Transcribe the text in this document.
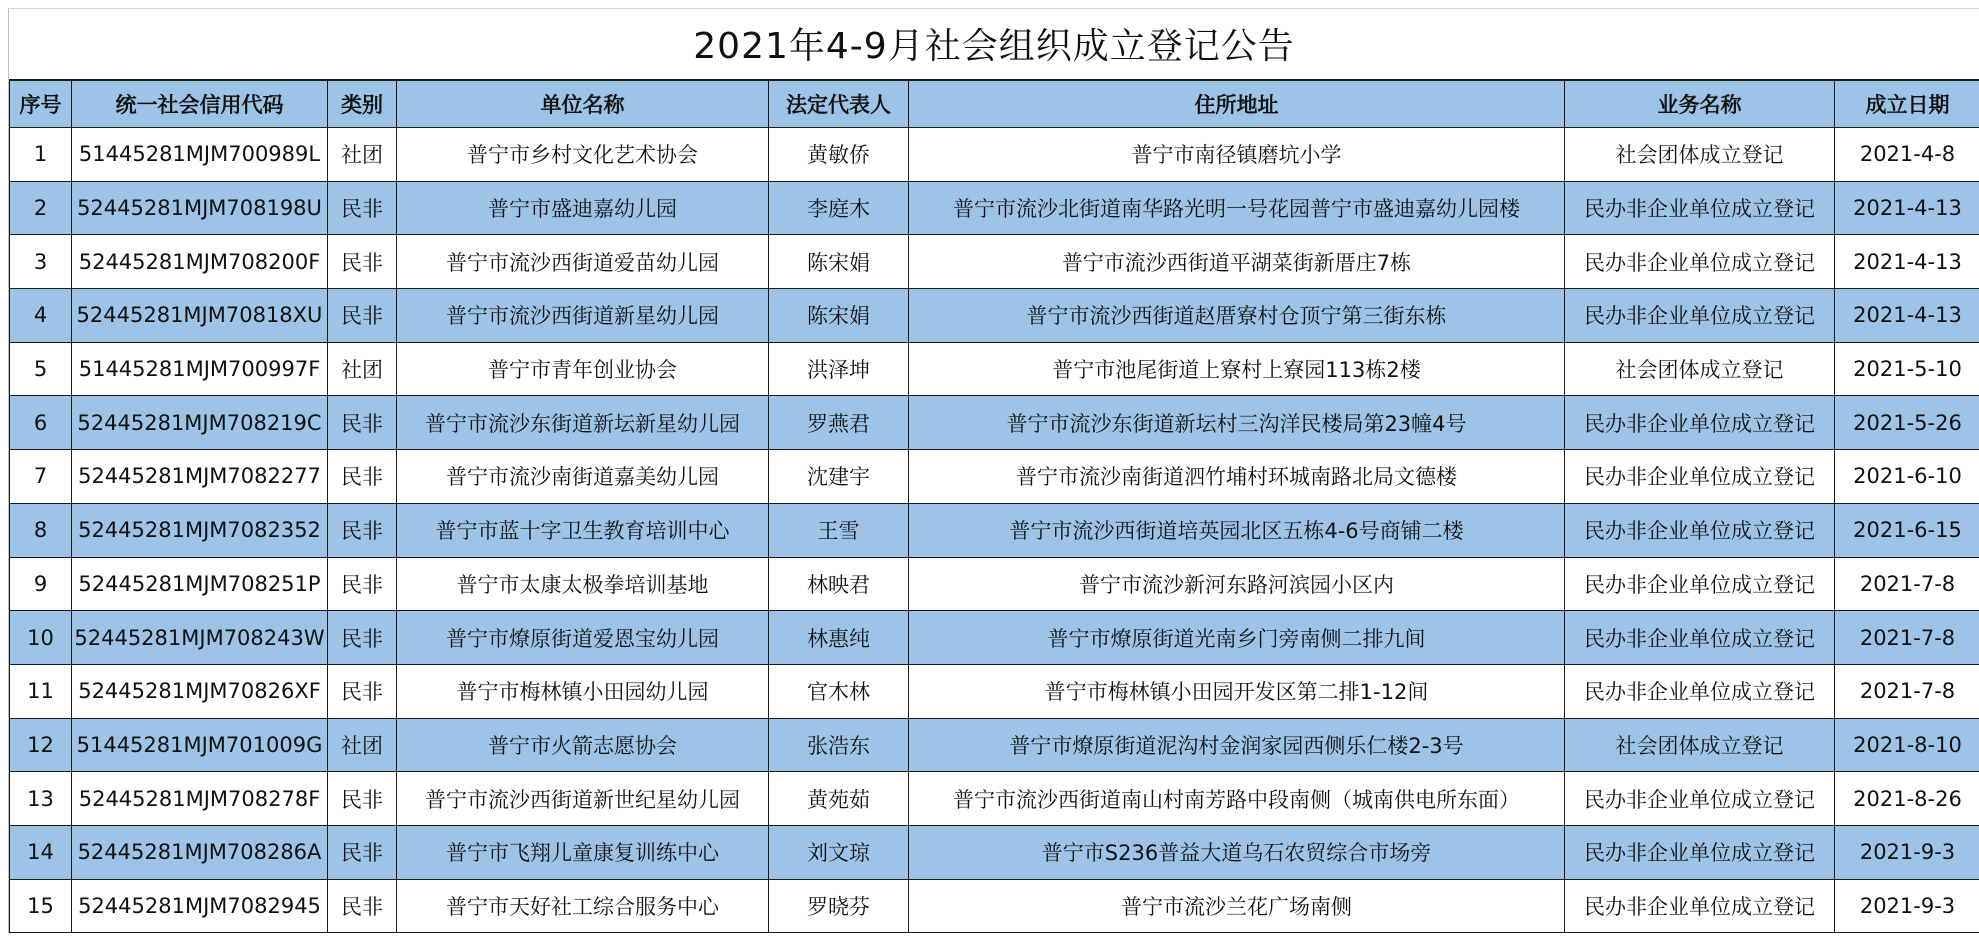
2021年4-9月社会组织成立登记公告
序号	统一社会信用代码	类别	单位名称	法定代表人	住所地址	业务名称	成立日期
1	51445281MJM700989L	社团	普宁市乡村文化艺术协会	黄敏侨	普宁市南径镇磨坑小学	社会团体成立登记	2021-4-8
2	52445281MJM708198U	民非	普宁市盛迪嘉幼儿园	李庭木	普宁市流沙北街道南华路光明一号花园普宁市盛迪嘉幼儿园楼	民办非企业单位成立登记	2021-4-13
3	52445281MJM708200F	民非	普宁市流沙西街道爱苗幼儿园	陈宋娟	普宁市流沙西街道平湖菜街新厝庄7栋	民办非企业单位成立登记	2021-4-13
4	52445281MJM70818XU	民非	普宁市流沙西街道新星幼儿园	陈宋娟	普宁市流沙西街道赵厝寮村仓顶宁第三街东栋	民办非企业单位成立登记	2021-4-13
5	51445281MJM700997F	社团	普宁市青年创业协会	洪泽坤	普宁市池尾街道上寮村上寮园113栋2楼	社会团体成立登记	2021-5-10
6	52445281MJM708219C	民非	普宁市流沙东街道新坛新星幼儿园	罗燕君	普宁市流沙东街道新坛村三沟洋民楼局第23幢4号	民办非企业单位成立登记	2021-5-26
7	52445281MJM7082277	民非	普宁市流沙南街道嘉美幼儿园	沈建宇	普宁市流沙南街道泗竹埔村环城南路北局文德楼	民办非企业单位成立登记	2021-6-10
8	52445281MJM7082352	民非	普宁市蓝十字卫生教育培训中心	王雪	普宁市流沙西街道培英园北区五栋4-6号商铺二楼	民办非企业单位成立登记	2021-6-15
9	52445281MJM708251P	民非	普宁市太康太极拳培训基地	林映君	普宁市流沙新河东路河滨园小区内	民办非企业单位成立登记	2021-7-8
10	52445281MJM708243W	民非	普宁市燎原街道爱恩宝幼儿园	林惠纯	普宁市燎原街道光南乡门旁南侧二排九间	民办非企业单位成立登记	2021-7-8
11	52445281MJM70826XF	民非	普宁市梅林镇小田园幼儿园	官木林	普宁市梅林镇小田园开发区第二排1-12间	民办非企业单位成立登记	2021-7-8
12	51445281MJM701009G	社团	普宁市火箭志愿协会	张浩东	普宁市燎原街道泥沟村金润家园西侧乐仁楼2-3号	社会团体成立登记	2021-8-10
13	52445281MJM708278F	民非	普宁市流沙西街道新世纪星幼儿园	黄苑茹	普宁市流沙西街道南山村南芳路中段南侧（城南供电所东面）	民办非企业单位成立登记	2021-8-26
14	52445281MJM708286A	民非	普宁市飞翔儿童康复训练中心	刘文琼	普宁市S236普益大道乌石农贸综合市场旁	民办非企业单位成立登记	2021-9-3
15	52445281MJM7082945	民非	普宁市天好社工综合服务中心	罗晓芬	普宁市流沙兰花广场南侧	民办非企业单位成立登记	2021-9-3
